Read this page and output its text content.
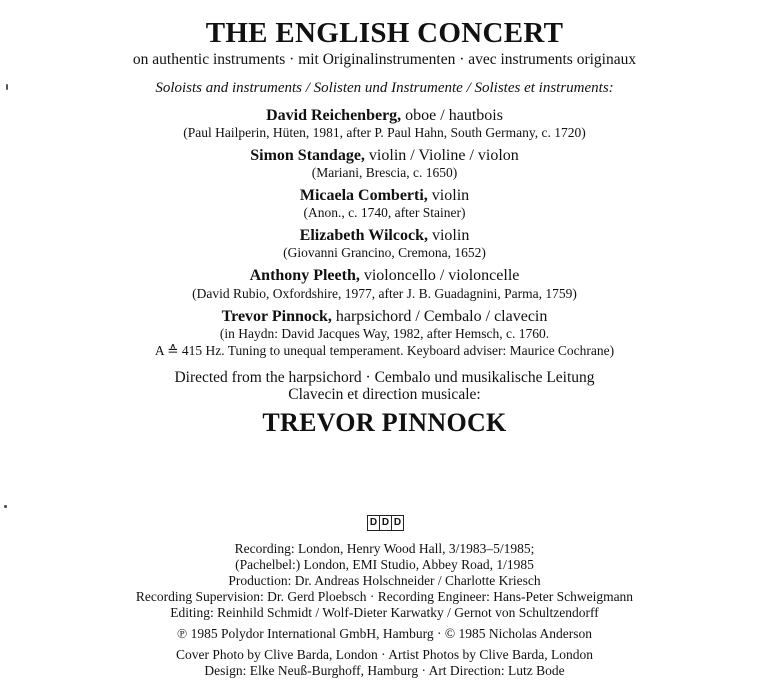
THE ENGLISH CONCERT
on authentic instruments · mit Originalinstrumenten · avec instruments originaux
Soloists and instruments / Solisten und Instrumente / Solistes et instruments:
David Reichenberg, oboe / hautbois
(Paul Hailperin, Hüten, 1981, after P. Paul Hahn, South Germany, c. 1720)
Simon Standage, violin / Violine / violon
(Mariani, Brescia, c. 1650)
Micaela Comberti, violin
(Anon., c. 1740, after Stainer)
Elizabeth Wilcock, violin
(Giovanni Grancino, Cremona, 1652)
Anthony Pleeth, violoncello / violoncelle
(David Rubio, Oxfordshire, 1977, after J. B. Guadagnini, Parma, 1759)
Trevor Pinnock, harpsichord / Cembalo / clavecin
(in Haydn: David Jacques Way, 1982, after Hemsch, c. 1760.
A ≙ 415 Hz. Tuning to unequal temperament. Keyboard adviser: Maurice Cochrane)
Directed from the harpsichord · Cembalo und musikalische Leitung
Clavecin et direction musicale:
TREVOR PINNOCK
D D D
Recording: London, Henry Wood Hall, 3/1983–5/1985;
(Pachelbel:) London, EMI Studio, Abbey Road, 1/1985
Production: Dr. Andreas Holschneider / Charlotte Kriesch
Recording Supervision: Dr. Gerd Ploebsch · Recording Engineer: Hans-Peter Schweigmann
Editing: Reinhild Schmidt / Wolf-Dieter Karwatky / Gernot von Schultzendorff
℗ 1985 Polydor International GmbH, Hamburg · © 1985 Nicholas Anderson
Cover Photo by Clive Barda, London · Artist Photos by Clive Barda, London
Design: Elke Neuß-Burghoff, Hamburg · Art Direction: Lutz Bode
